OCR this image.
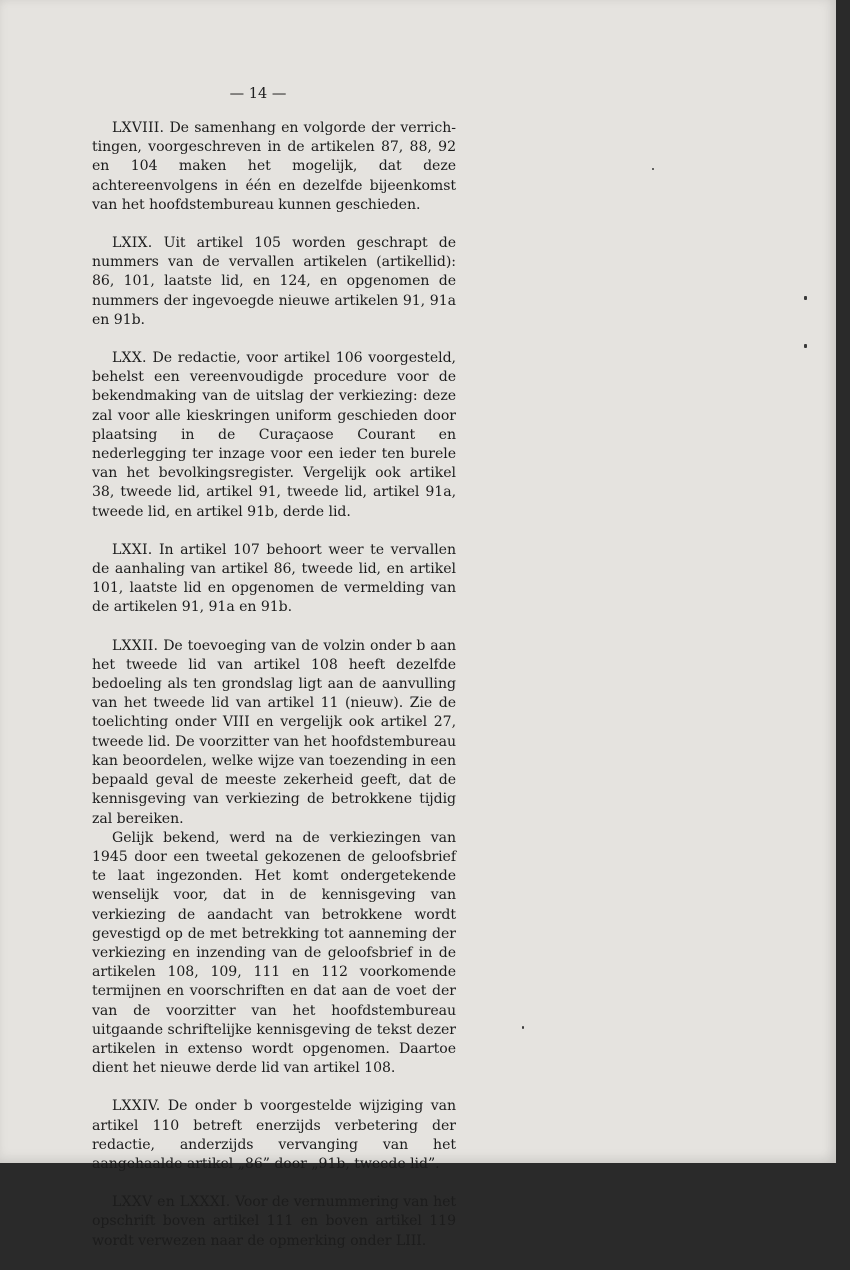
— 14 —

LXVIII. De samenhang en volgorde der verrichtingen, voorgeschreven in de artikelen 87, 88, 92 en 104 maken het mogelijk, dat deze achtereenvolgens in één en dezelfde bijeenkomst van het hoofdstembureau kunnen geschieden.

LXIX. Uit artikel 105 worden geschrapt de nummers van de vervallen artikelen (artikellid): 86, 101, laatste lid, en 124, en opgenomen de nummers der ingevoegde nieuwe artikelen 91, 91a en 91b.

LXX. De redactie, voor artikel 106 voorgesteld, behelst een vereenvoudigde procedure voor de bekendmaking van de uitslag der verkiezing: deze zal voor alle kieskringen uniform geschieden door plaatsing in de Curaçaose Courant en nederlegging ter inzage voor een ieder ten burele van het bevolkingsregister. Vergelijk ook artikel 38, tweede lid, artikel 91, tweede lid, artikel 91a, tweede lid, en artikel 91b, derde lid.

LXXI. In artikel 107 behoort weer te vervallen de aanhaling van artikel 86, tweede lid, en artikel 101, laatste lid en opgenomen de vermelding van de artikelen 91, 91a en 91b.

LXXII. De toevoeging van de volzin onder b aan het tweede lid van artikel 108 heeft dezelfde bedoeling als ten grondslag ligt aan de aanvulling van het tweede lid van artikel 11 (nieuw). Zie de toelichting onder VIII en vergelijk ook artikel 27, tweede lid. De voorzitter van het hoofdstembureau kan beoordelen, welke wijze van toezending in een bepaald geval de meeste zekerheid geeft, dat de kennisgeving van verkiezing de betrokkene tijdig zal bereiken.

Gelijk bekend, werd na de verkiezingen van 1945 door een tweetal gekozenen de geloofsbrief te laat ingezonden. Het komt ondergetekende wenselijk voor, dat in de kennisgeving van verkiezing de aandacht van betrokkene wordt gevestigd op de met betrekking tot aanneming der verkiezing en inzending van de geloofsbrief in de artikelen 108, 109, 111 en 112 voorkomende termijnen en voorschriften en dat aan de voet der van de voorzitter van het hoofdstembureau uitgaande schriftelijke kennisgeving de tekst dezer artikelen in extenso wordt opgenomen. Daartoe dient het nieuwe derde lid van artikel 108.

LXXIV. De onder b voorgestelde wijziging van artikel 110 betreft enerzijds verbetering der redactie, anderzijds vervanging van het aangehaalde artikel „86” door „91b, tweede lid”.

LXXV en LXXXI. Voor de vernummering van het opschrift boven artikel 111 en boven artikel 119 wordt verwezen naar de opmerking onder LIII.
